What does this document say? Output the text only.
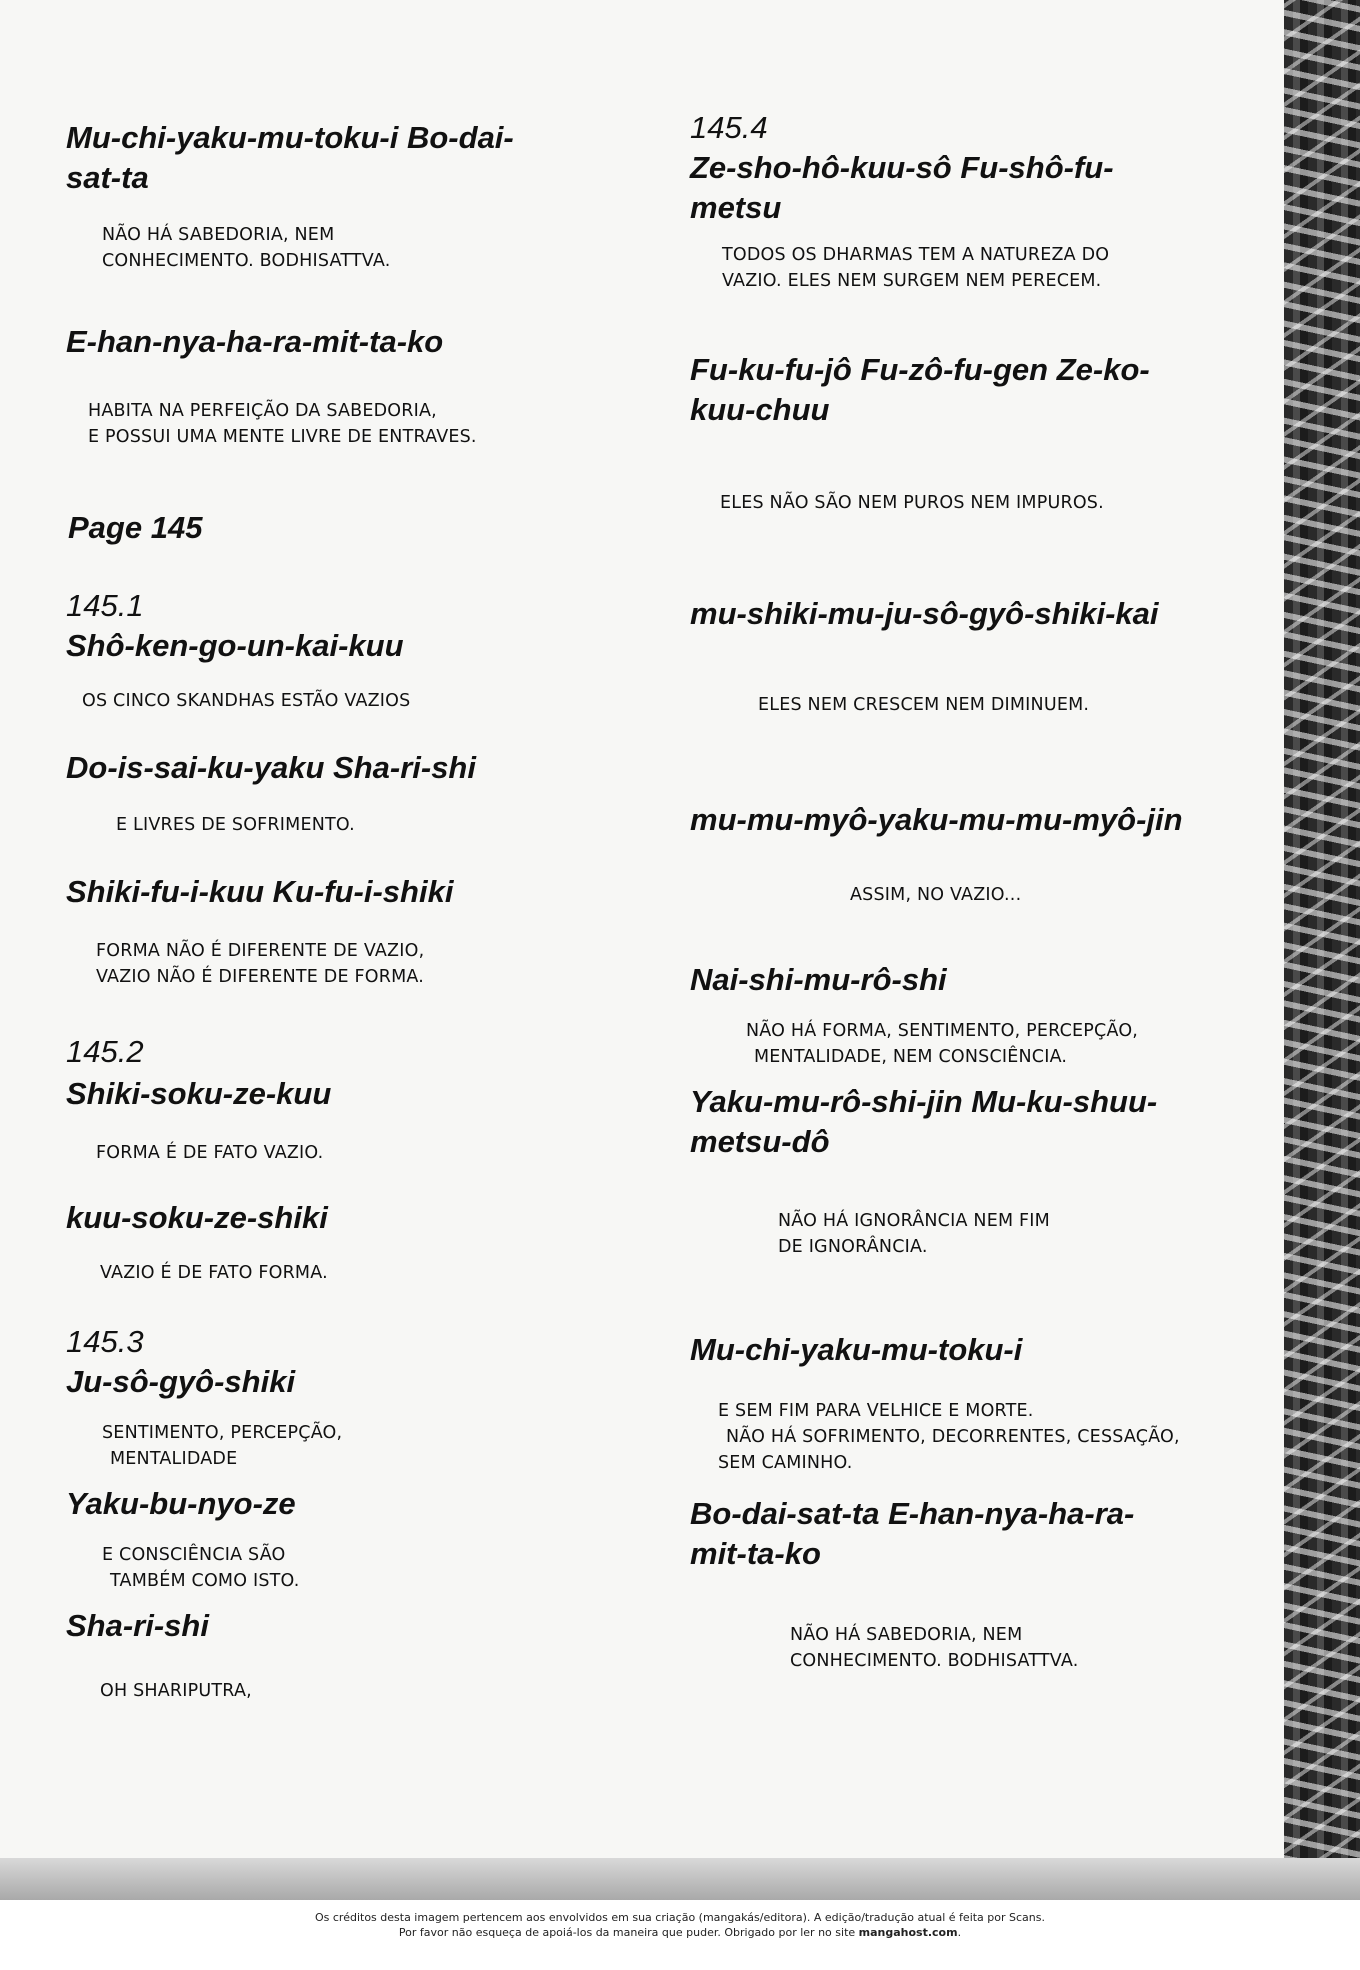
Mu-chi-yaku-mu-toku-i Bo-dai-
sat-ta
NÃO HÁ SABEDORIA, NEM
CONHECIMENTO. BODHISATTVA.
E-han-nya-ha-ra-mit-ta-ko
HABITA NA PERFEIÇÃO DA SABEDORIA,
E POSSUI UMA MENTE LIVRE DE ENTRAVES.
Page 145
145.1
Shô-ken-go-un-kai-kuu
OS CINCO SKANDHAS ESTÃO VAZIOS
Do-is-sai-ku-yaku Sha-ri-shi
E LIVRES DE SOFRIMENTO.
Shiki-fu-i-kuu Ku-fu-i-shiki
FORMA NÃO É DIFERENTE DE VAZIO,
VAZIO NÃO É DIFERENTE DE FORMA.
145.2
Shiki-soku-ze-kuu
FORMA É DE FATO VAZIO.
kuu-soku-ze-shiki
VAZIO É DE FATO FORMA.
145.3
Ju-sô-gyô-shiki
SENTIMENTO, PERCEPÇÃO,
MENTALIDADE
Yaku-bu-nyo-ze
E CONSCIÊNCIA SÃO
TAMBÉM COMO ISTO.
Sha-ri-shi
OH SHARIPUTRA,
145.4
Ze-sho-hô-kuu-sô Fu-shô-fu-
metsu
TODOS OS DHARMAS TEM A NATUREZA DO
VAZIO. ELES NEM SURGEM NEM PERECEM.
Fu-ku-fu-jô Fu-zô-fu-gen Ze-ko-
kuu-chuu
ELES NÃO SÃO NEM PUROS NEM IMPUROS.
mu-shiki-mu-ju-sô-gyô-shiki-kai
ELES NEM CRESCEM NEM DIMINUEM.
mu-mu-myô-yaku-mu-mu-myô-jin
ASSIM, NO VAZIO...
Nai-shi-mu-rô-shi
NÃO HÁ FORMA, SENTIMENTO, PERCEPÇÃO,
MENTALIDADE, NEM CONSCIÊNCIA.
Yaku-mu-rô-shi-jin Mu-ku-shuu-
metsu-dô
NÃO HÁ IGNORÂNCIA NEM FIM
DE IGNORÂNCIA.
Mu-chi-yaku-mu-toku-i
E SEM FIM PARA VELHICE E MORTE.
NÃO HÁ SOFRIMENTO, DECORRENTES, CESSAÇÃO,
SEM CAMINHO.
Bo-dai-sat-ta E-han-nya-ha-ra-
mit-ta-ko
NÃO HÁ SABEDORIA, NEM
CONHECIMENTO. BODHISATTVA.
Os créditos desta imagem pertencem aos envolvidos em sua criação (mangakás/editora). A edição/tradução atual é feita por Scans.
Por favor não esqueça de apoiá-los da maneira que puder. Obrigado por ler no site mangahost.com.
